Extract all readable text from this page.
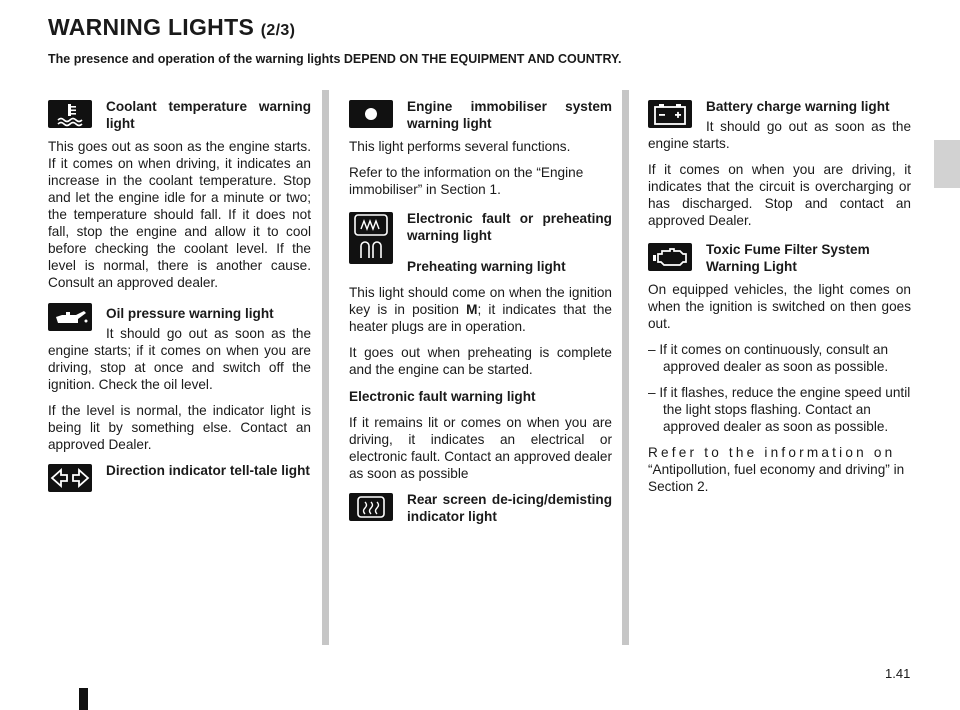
WARNING LIGHTS (2/3)
The presence and operation of the warning lights DEPEND ON THE EQUIPMENT AND COUNTRY.
Coolant temperature warning light

This goes out as soon as the engine starts. If it comes on when driving, it indicates an increase in the coolant temperature. Stop and let the engine idle for a minute or two; the temperature should fall. If it does not fall, stop the engine and allow it to cool before checking the coolant level. If the level is normal, there is another cause. Consult an approved dealer.

Oil pressure warning light

It should go out as soon as the engine starts; if it comes on when you are driving, stop at once and switch off the ignition. Check the oil level.

If the level is normal, the indicator light is being lit by something else. Contact an approved Dealer.

Direction indicator tell-tale light
Engine immobiliser system warning light

This light performs several functions.

Refer to the information on the “Engine immobiliser” in Section 1.

Electronic fault or preheating warning light
Preheating warning light

This light should come on when the ignition key is in position M; it indicates that the heater plugs are in operation.

It goes out when preheating is complete and the engine can be started.

Electronic fault warning light

If it remains lit or comes on when you are driving, it indicates an electrical or electronic fault. Contact an approved dealer as soon as possible

Rear screen de-icing/demisting indicator light
Battery charge warning light

It should go out as soon as the engine starts.

If it comes on when you are driving, it indicates that the circuit is overcharging or has discharged. Stop and contact an approved Dealer.

Toxic Fume Filter System Warning Light

On equipped vehicles, the light comes on when the ignition is switched on then goes out.

– If it comes on continuously, consult an approved dealer as soon as possible.

– If it flashes, reduce the engine speed until the light stops flashing. Contact an approved dealer as soon as possible.

Refer to the information on
“Antipollution, fuel economy and driving” in Section 2.

1.41
